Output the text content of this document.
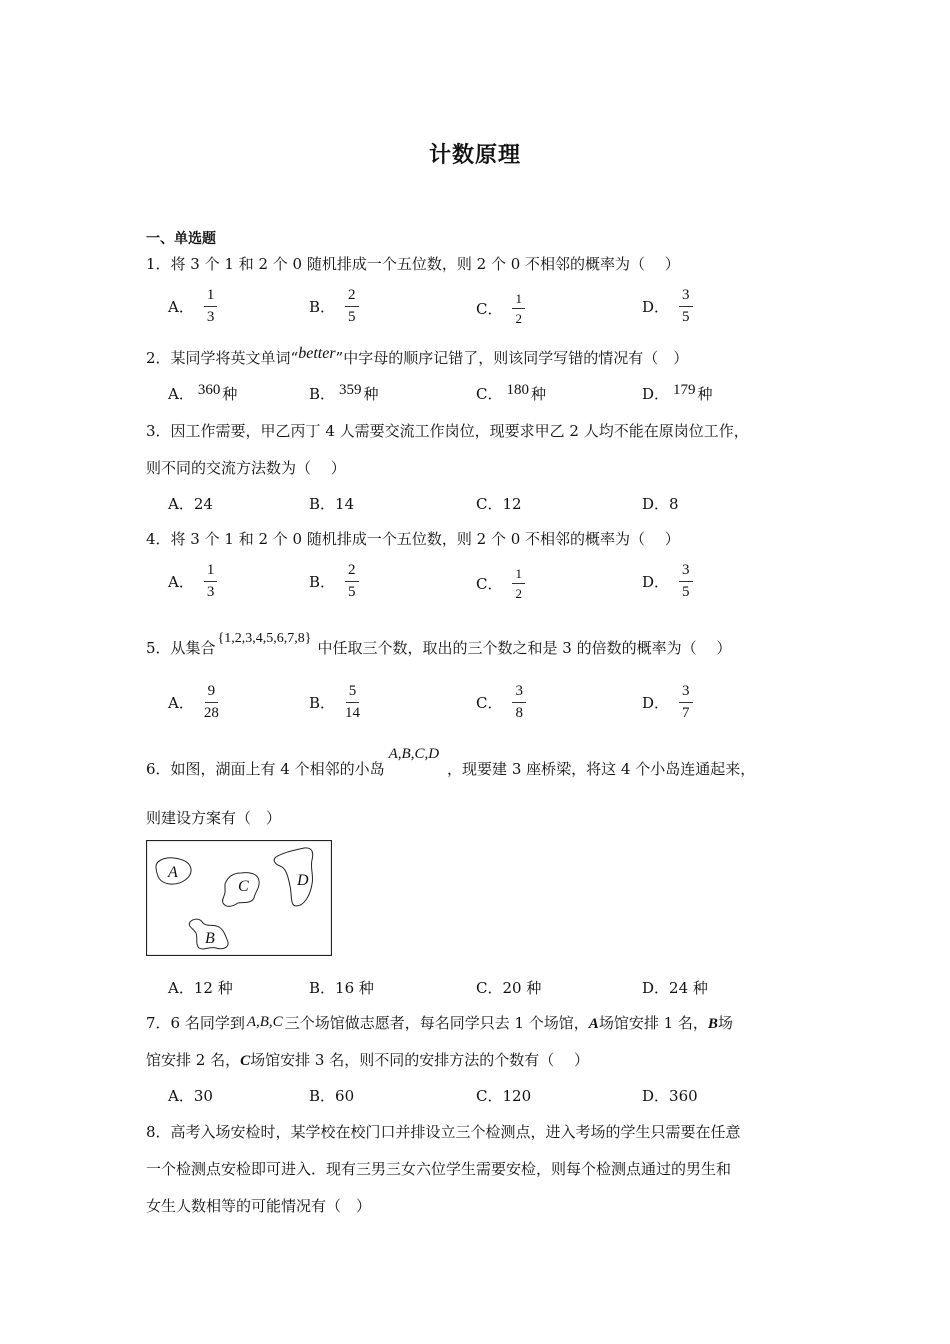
计数原理
一、单选题
1．将 3 个 1 和 2 个 0 随机排成一个五位数，则 2 个 0 不相邻的概率为（　 ）
A． $\frac{1}{3}$	B． $\frac{2}{5}$	C． $\frac{1}{2}$	D． $\frac{3}{5}$
2．某同学将英文单词“better”中字母的顺序记错了，则该同学写错的情况有（　）
A． 360 种	B． 359 种	C． 180 种	D． 179 种
3．因工作需要，甲乙丙丁 4 人需要交流工作岗位，现要求甲乙 2 人均不能在原岗位工作，
则不同的交流方法数为（　 ）
A．24	B．14	C．12	D．8
4．将 3 个 1 和 2 个 0 随机排成一个五位数，则 2 个 0 不相邻的概率为（　 ）
A． $\frac{1}{3}$	B． $\frac{2}{5}$	C． $\frac{1}{2}$	D． $\frac{3}{5}$
5．从集合{1,2,3,4,5,6,7,8}中任取三个数，取出的三个数之和是 3 的倍数的概率为（　 ）
A． $\frac{9}{28}$	B． $\frac{5}{14}$	C． $\frac{3}{8}$	D． $\frac{3}{7}$
6．如图，湖面上有 4 个相邻的小岛A,B,C,D，现要建 3 座桥梁，将这 4 个小岛连通起来，
则建设方案有（　）
A
C	D
B
A．12 种	B．16 种	C．20 种	D．24 种
7．6 名同学到 A,B,C 三个场馆做志愿者，每名同学只去 1 个场馆，A场馆安排 1 名，B场
馆安排 2 名，C场馆安排 3 名，则不同的安排方法的个数有（　 ）
A．30	B．60	C．120	D．360
8．高考入场安检时，某学校在校门口并排设立三个检测点，进入考场的学生只需要在任意
一个检测点安检即可进入．现有三男三女六位学生需要安检，则每个检测点通过的男生和
女生人数相等的可能情况有（　）
